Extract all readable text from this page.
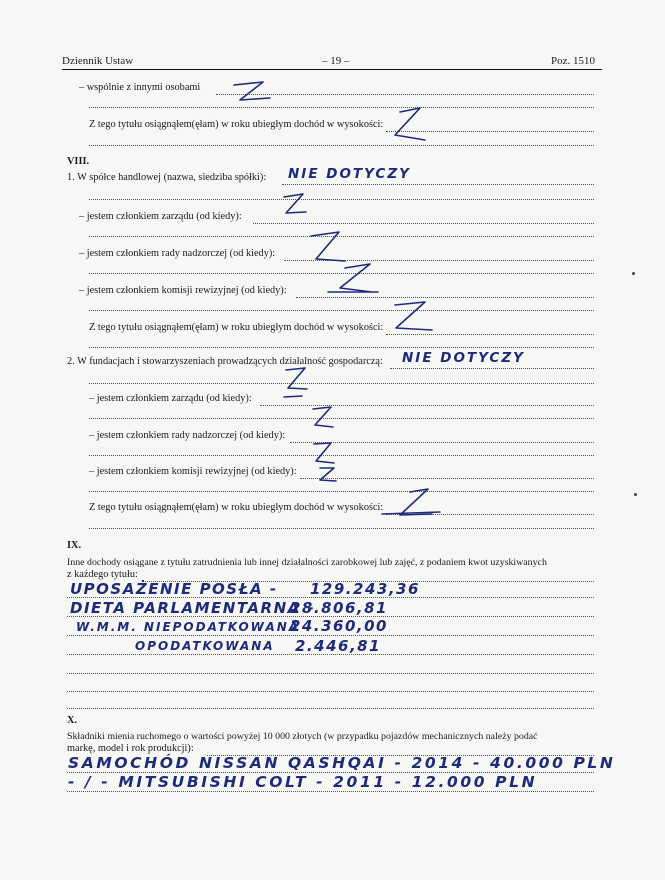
Dziennik Ustaw	– 19 –	Poz. 1510
– wspólnie z innymi osobami
Z tego tytułu osiągnąłem(ęłam) w roku ubiegłym dochód w wysokości:
VIII.
1. W spółce handlowej (nazwa, siedziba spółki): NIE DOTYCZY
– jestem członkiem zarządu (od kiedy):
– jestem członkiem rady nadzorczej (od kiedy):
– jestem członkiem komisji rewizyjnej (od kiedy):
Z tego tytułu osiągnąłem(ęłam) w roku ubiegłym dochód w wysokości:
2. W fundacjach i stowarzyszeniach prowadzących działalność gospodarczą: NIE DOTYCZY
– jestem członkiem zarządu (od kiedy):
– jestem członkiem rady nadzorczej (od kiedy):
– jestem członkiem komisji rewizyjnej (od kiedy):
Z tego tytułu osiągnąłem(ęłam) w roku ubiegłym dochód w wysokości:
IX.
Inne dochody osiągane z tytułu zatrudnienia lub innej działalności zarobkowej lub zajęć, z podaniem kwot uzyskiwanych
z każdego tytułu:
UPOSAŻENIE POSŁA - 129.243,36
DIETA PARLAMENTARNA -
28.806,81
W.M.M. NIEPODATKOWANA -
24.360,00
OPODATKOWANA 2.446,81
X.
Składniki mienia ruchomego o wartości powyżej 10 000 złotych (w przypadku pojazdów mechanicznych należy podać
markę, model i rok produkcji):
SAMOCHÓD NISSAN QASHQAI - 2014 - 40.000 PLN
- / - MITSUBISHI COLT - 2011 - 12.000 PLN
